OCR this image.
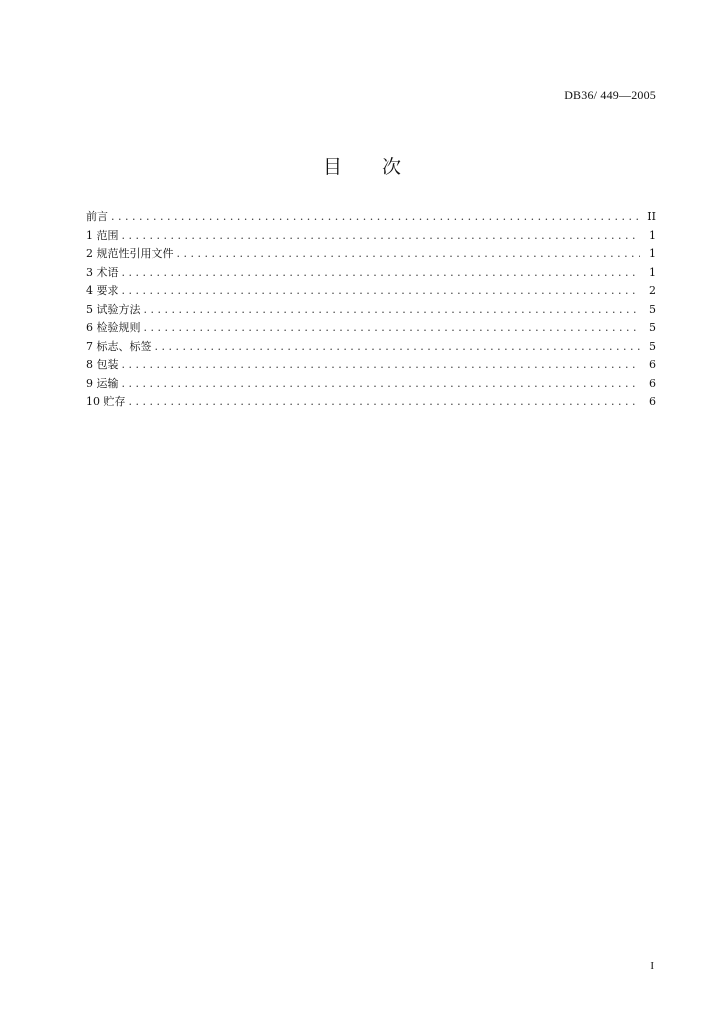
DB36/ 449—2005
目 次
前言 . . .	II
1 范围 . . .	1
2 规范性引用文件 . . .	1
3 术语 . . .	1
4 要求 . . .	2
5 试验方法 . . .	5
6 检验规则 . . .	5
7 标志、标签 . . .	5
8 包装 . . .	6
9 运输 . . .	6
10 贮存 . . .	6
I
